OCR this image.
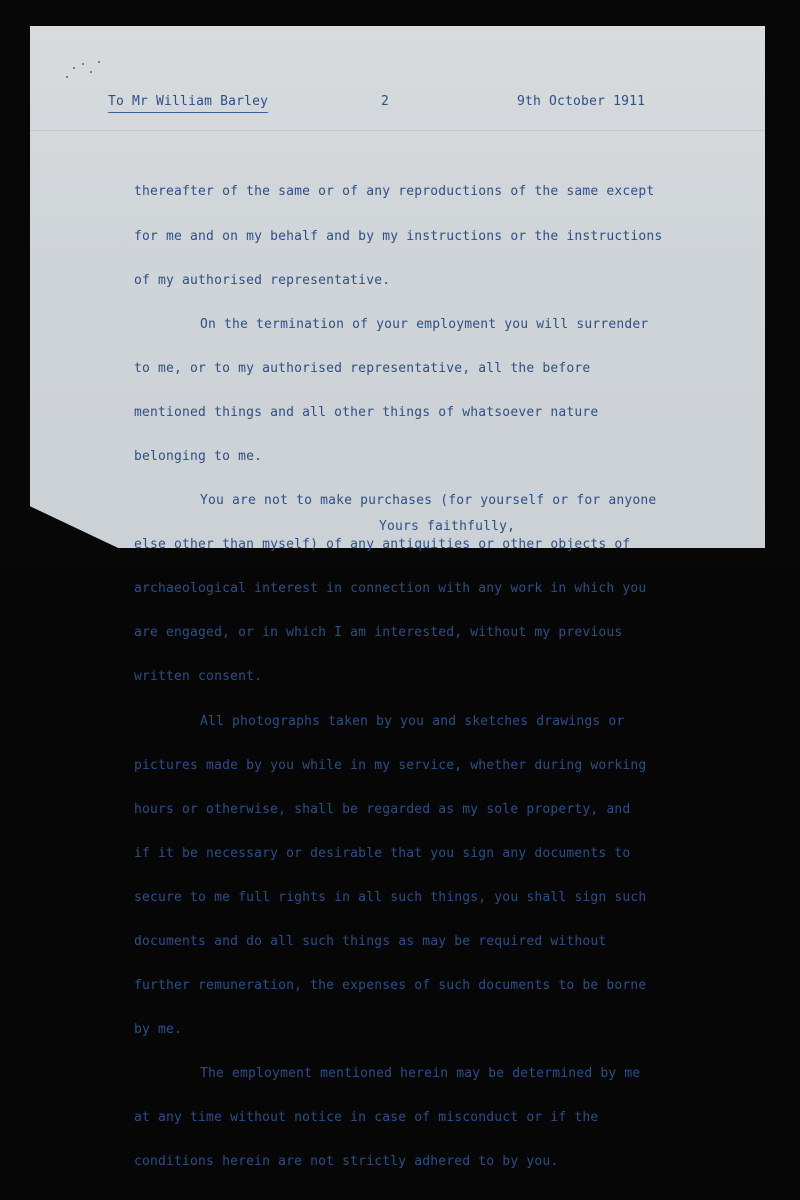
To Mr William Barley

	2

	9th October 1911

thereafter of the same or of any reproductions of the same except

for me and on my behalf and by my instructions or the instructions

of my authorised representative.

On the termination of your employment you will surrender

to me, or to my authorised representative, all the before

mentioned things and all other things of whatsoever nature

belonging to me.

You are not to make purchases (for yourself or for anyone

else other than myself) of any antiquities or other objects of

archaeological interest in connection with any work in which you

are engaged, or in which I am interested, without my previous

written consent.

All photographs taken by you and sketches drawings or

pictures made by you while in my service, whether during working

hours or otherwise, shall be regarded as my sole property, and

if it be necessary or desirable that you sign any documents to

secure to me full rights in all such things, you shall sign such

documents and do all such things as may be required without

further remuneration, the expenses of such documents to be borne

by me.

The employment mentioned herein may be determined by me

at any time without notice in case of misconduct or if the

conditions herein are not strictly adhered to by you.

Yours faithfully,
